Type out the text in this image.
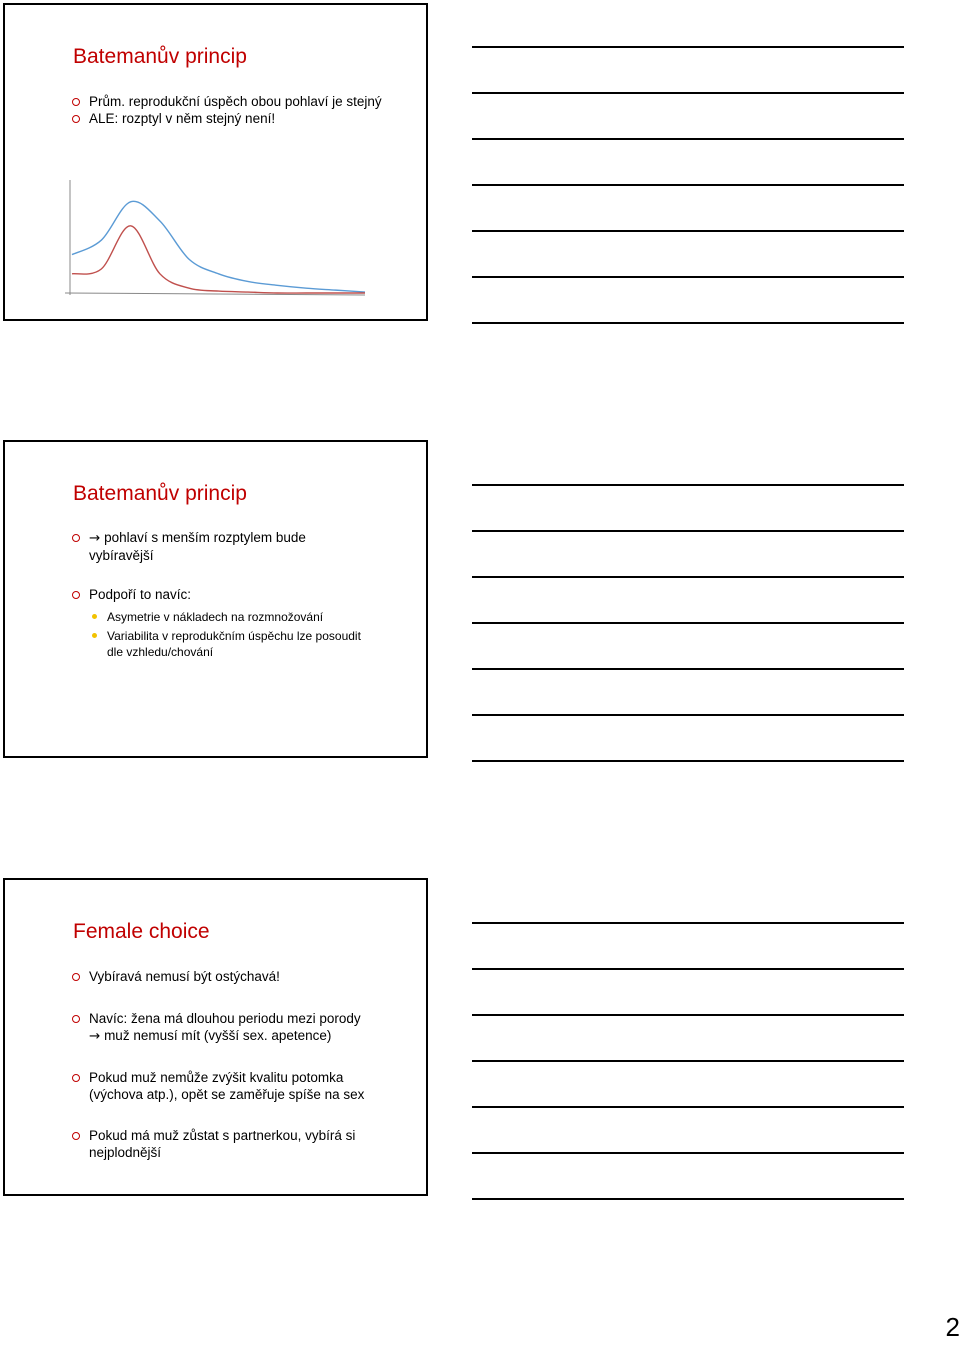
Batemanův princip
Prům. reprodukční úspěch obou pohlaví je stejný
ALE: rozptyl v něm stejný není!
Batemanův princip
→ pohlaví s menším rozptylem bude vybíravější
Podpoří to navíc:
Asymetrie v nákladech na rozmnožování
Variabilita v reprodukčním úspěchu lze posoudit dle vzhledu/chování
Female choice
Vybíravá nemusí být ostýchavá!
Navíc: žena má dlouhou periodu mezi porody
→ muž nemusí mít (vyšší sex. apetence)
Pokud muž nemůže zvýšit kvalitu potomka (výchova atp.), opět se zaměřuje spíše na sex
Pokud má muž zůstat s partnerkou, vybírá si nejplodnější
2
